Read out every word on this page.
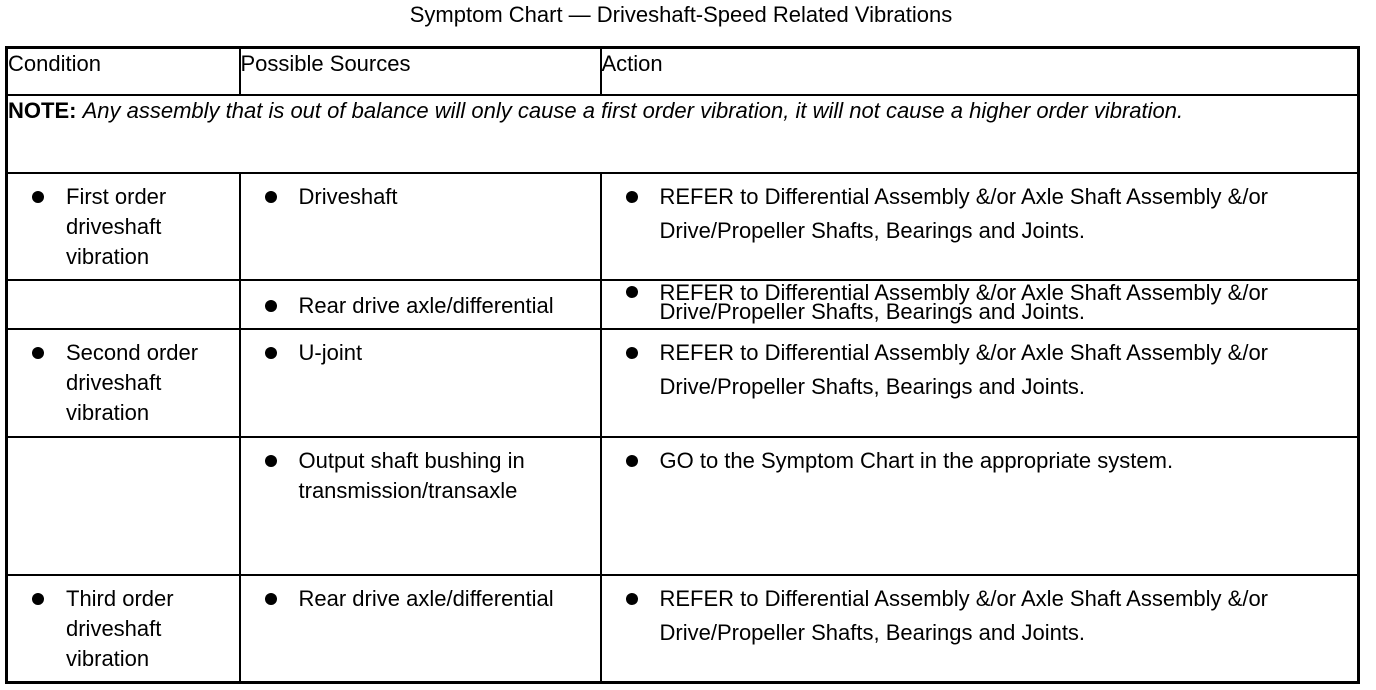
Symptom Chart — Driveshaft-Speed Related Vibrations
Condition	Possible Sources	Action
NOTE: Any assembly that is out of balance will only cause a first order vibration, it will not cause a higher order vibration.		

First order driveshaft vibration	Driveshaft	REFER to Differential Assembly &/or Axle Shaft Assembly &/or Drive/Propeller Shafts, Bearings and Joints.

	Rear drive axle/differential	REFER to Differential Assembly &/or Axle Shaft Assembly &/or Drive/Propeller Shafts, Bearings and Joints.

Second order driveshaft vibration	U-joint	REFER to Differential Assembly &/or Axle Shaft Assembly &/or Drive/Propeller Shafts, Bearings and Joints.

	Output shaft bushing in transmission/transaxle	GO to the Symptom Chart in the appropriate system.

Third order driveshaft vibration	Rear drive axle/differential	REFER to Differential Assembly &/or Axle Shaft Assembly &/or Drive/Propeller Shafts, Bearings and Joints.
